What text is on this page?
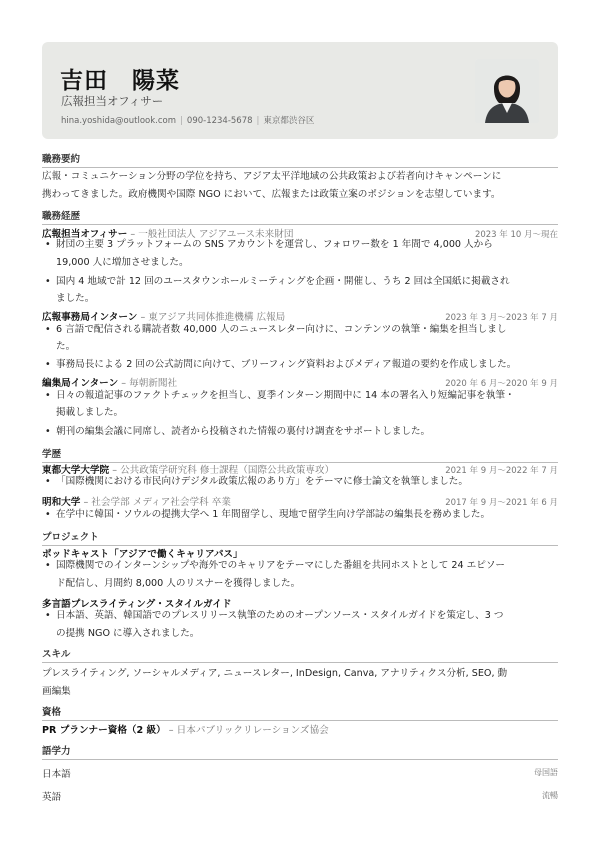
吉田　陽菜
広報担当オフィサー
hina.yoshida@outlook.com | 090-1234-5678 | 東京都渋谷区
職務要約
広報・コミュニケーション分野の学位を持ち、アジア太平洋地域の公共政策および若者向けキャンペーンに
携わってきました。政府機関や国際 NGO において、広報または政策立案のポジションを志望しています。
職務経歴
広報担当オフィサー – 一般社団法人 アジアユース未来財団	2023 年 10 月〜現在
• 財団の主要 3 プラットフォームの SNS アカウントを運営し、フォロワー数を 1 年間で 4,000 人から
19,000 人に増加させました。
• 国内 4 地域で計 12 回のユースタウンホールミーティングを企画・開催し、うち 2 回は全国紙に掲載され
ました。
広報事務局インターン – 東アジア共同体推進機構 広報局	2023 年 3 月〜2023 年 7 月
• 6 言語で配信される購読者数 40,000 人のニュースレター向けに、コンテンツの執筆・編集を担当しまし
た。
• 事務局長による 2 回の公式訪問に向けて、ブリーフィング資料およびメディア報道の要約を作成しました。
編集局インターン – 毎朝新聞社	2020 年 6 月〜2020 年 9 月
• 日々の報道記事のファクトチェックを担当し、夏季インターン期間中に 14 本の署名入り短編記事を執筆・
掲載しました。
• 朝刊の編集会議に同席し、読者から投稿された情報の裏付け調査をサポートしました。
学歴
東都大学大学院 – 公共政策学研究科 修士課程（国際公共政策専攻）	2021 年 9 月〜2022 年 7 月
• 「国際機関における市民向けデジタル政策広報のあり方」をテーマに修士論文を執筆しました。
明和大学 – 社会学部 メディア社会学科 卒業	2017 年 9 月〜2021 年 6 月
• 在学中に韓国・ソウルの提携大学へ 1 年間留学し、現地で留学生向け学部誌の編集長を務めました。
プロジェクト
ポッドキャスト「アジアで働くキャリアパス」
• 国際機関でのインターンシップや海外でのキャリアをテーマにした番組を共同ホストとして 24 エピソー
ド配信し、月間約 8,000 人のリスナーを獲得しました。
多言語プレスライティング・スタイルガイド
• 日本語、英語、韓国語でのプレスリリース執筆のためのオープンソース・スタイルガイドを策定し、3 つ
の提携 NGO に導入されました。
スキル
プレスライティング, ソーシャルメディア, ニュースレター, InDesign, Canva, アナリティクス分析, SEO, 動
画編集
資格
PR プランナー資格（2 級） – 日本パブリックリレーションズ協会
語学力
日本語	母国語
英語	流暢
